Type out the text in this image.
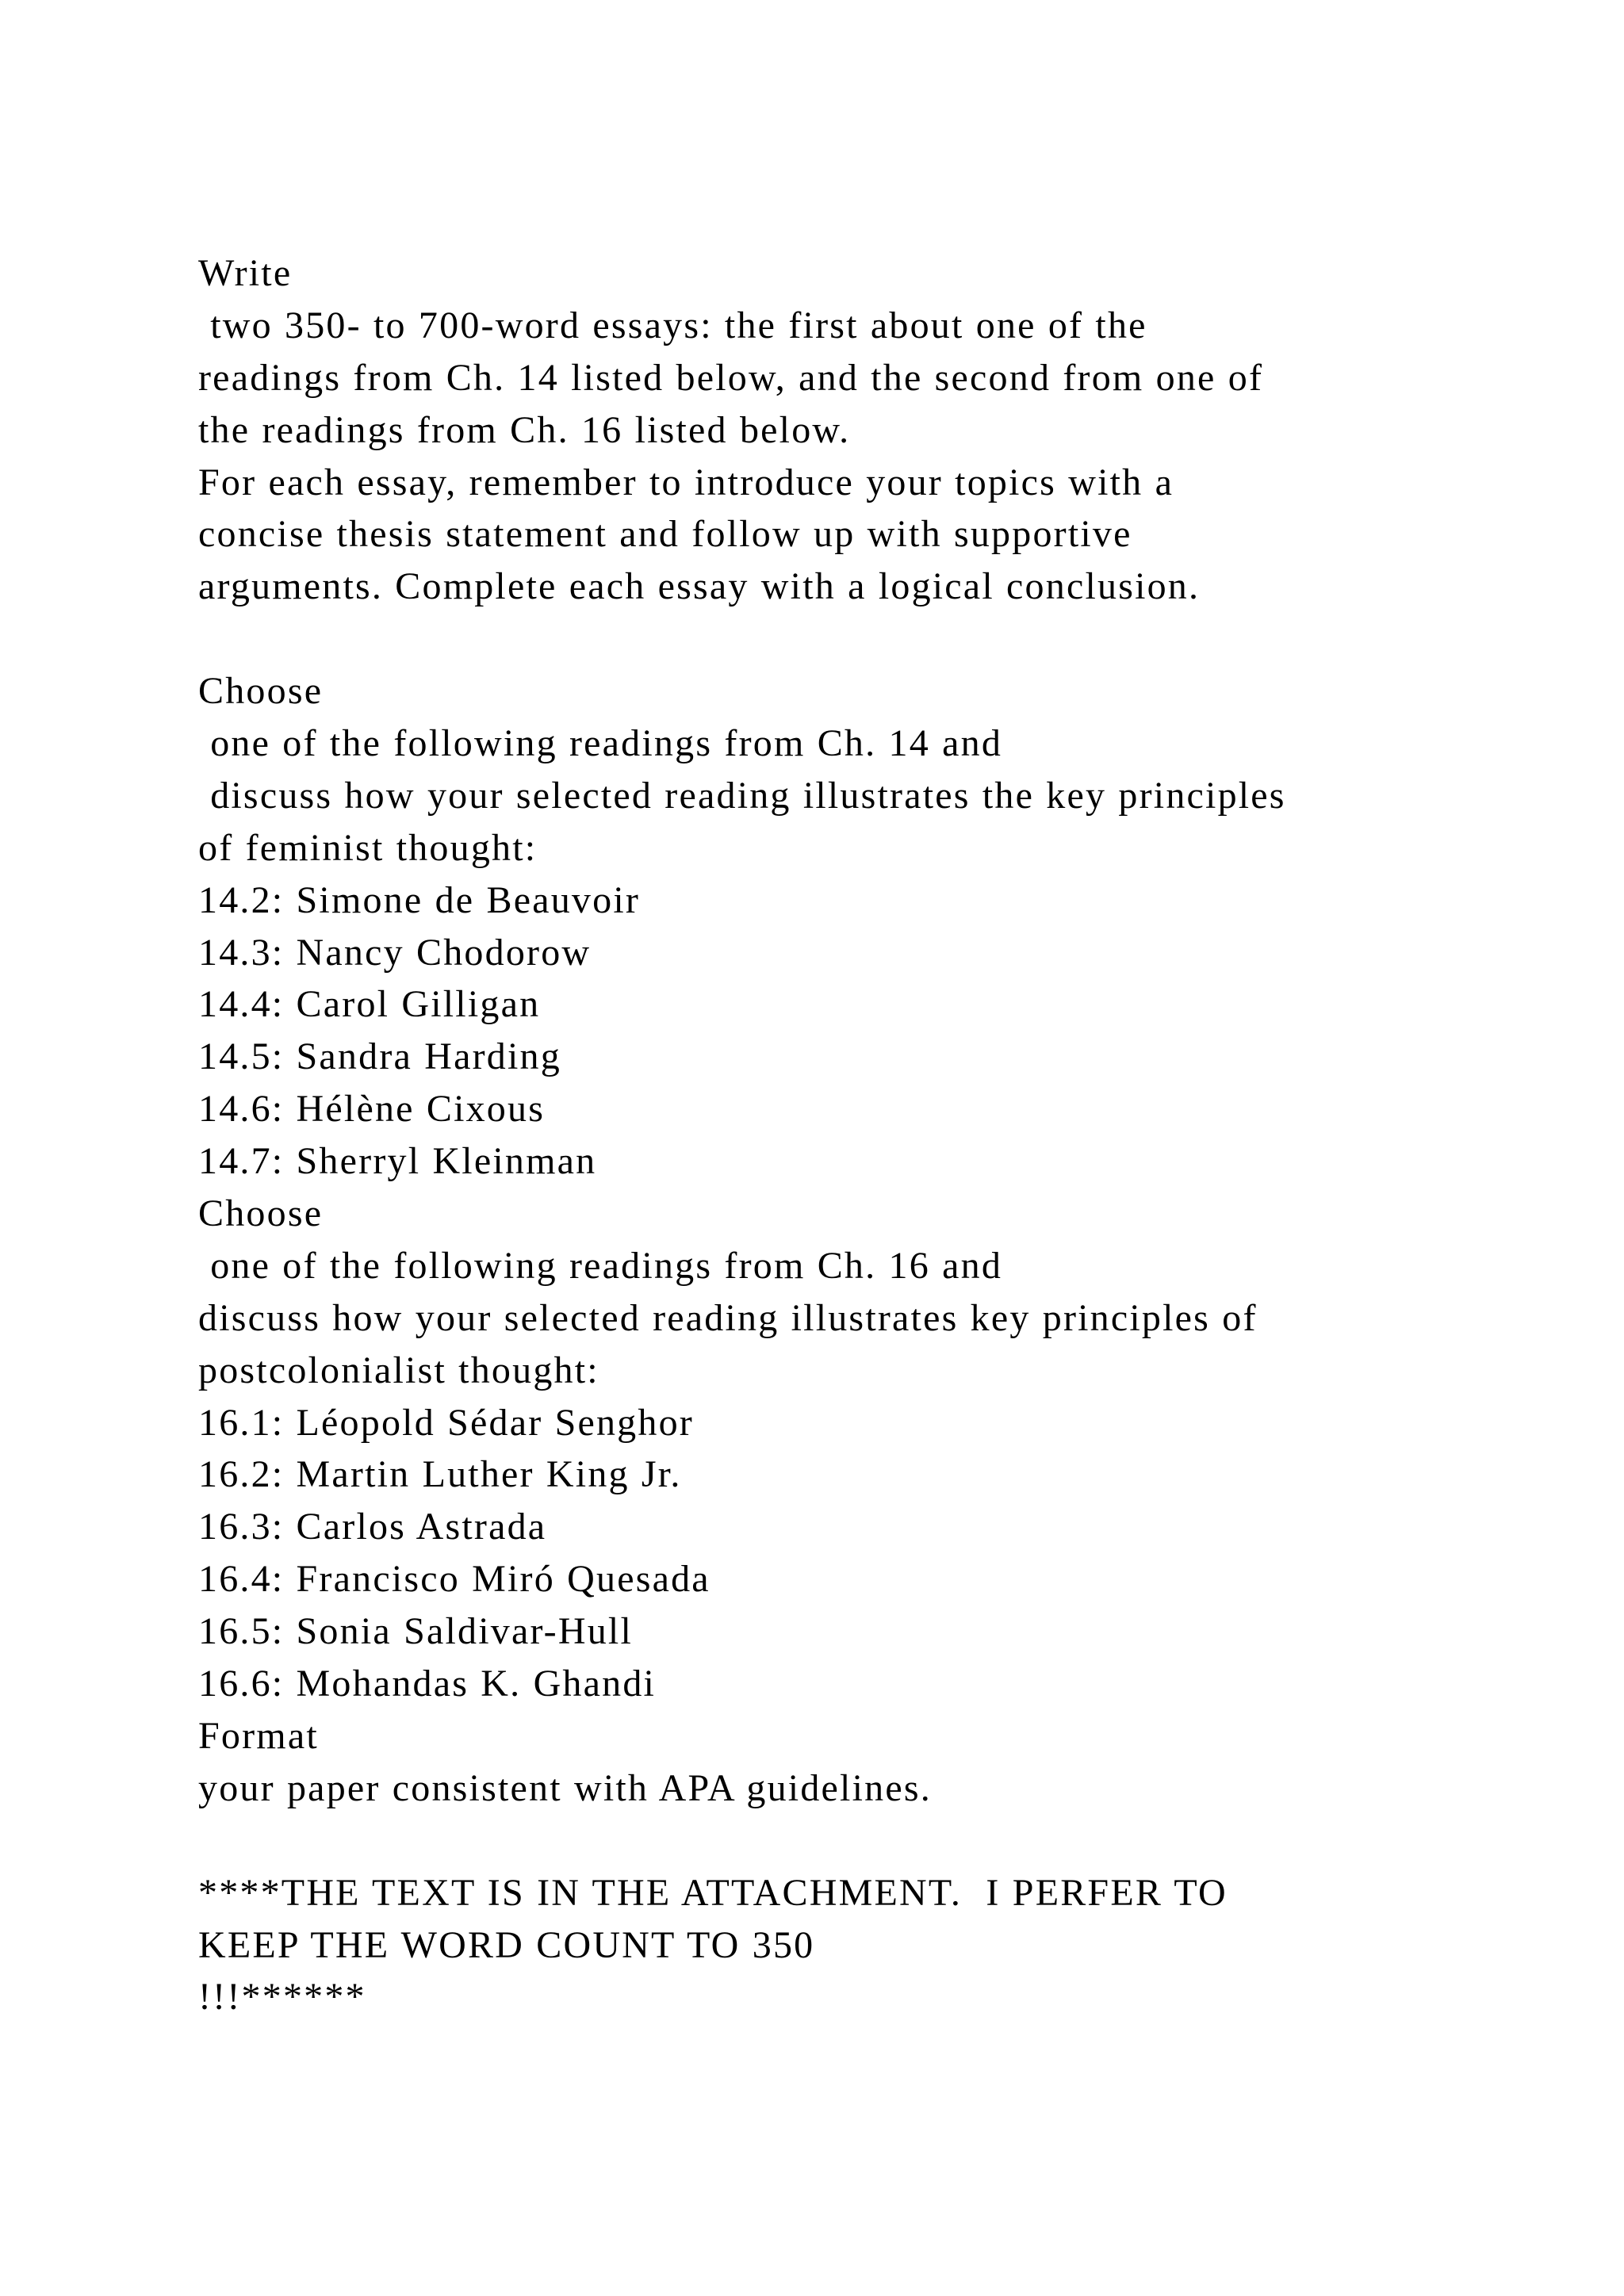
Write
two 350- to 700-word essays: the first about one of the
readings from Ch. 14 listed below, and the second from one of
the readings from Ch. 16 listed below.
For each essay, remember to introduce your topics with a
concise thesis statement and follow up with supportive
arguments. Complete each essay with a logical conclusion.
Choose
one of the following readings from Ch. 14 and
discuss how your selected reading illustrates the key principles
of feminist thought:
14.2: Simone de Beauvoir
14.3: Nancy Chodorow
14.4: Carol Gilligan
14.5: Sandra Harding
14.6: Hélène Cixous
14.7: Sherryl Kleinman
Choose
one of the following readings from Ch. 16 and
discuss how your selected reading illustrates key principles of
postcolonialist thought:
16.1: Léopold Sédar Senghor
16.2: Martin Luther King Jr.
16.3: Carlos Astrada
16.4: Francisco Miró Quesada
16.5: Sonia Saldivar-Hull
16.6: Mohandas K. Ghandi
Format
your paper consistent with APA guidelines.
****THE TEXT IS IN THE ATTACHMENT.  I PERFER TO
KEEP THE WORD COUNT TO 350
!!!******
